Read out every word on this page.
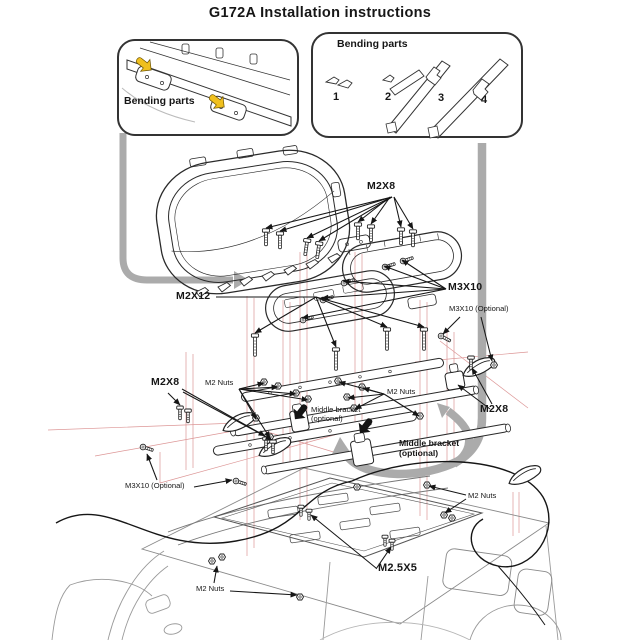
G172A Installation instructions
Bending parts
Bending parts
1	2	3	4
M2X8
M3X10
M3X10 (Optional)
M2X12
M2X8	M2 Nuts
M2 Nuts
Middle bracket
(optional)
Middle bracket
(optional)
M2X8
M3X10 (Optional)
M2 Nuts
M2.5X5
M2 Nuts
